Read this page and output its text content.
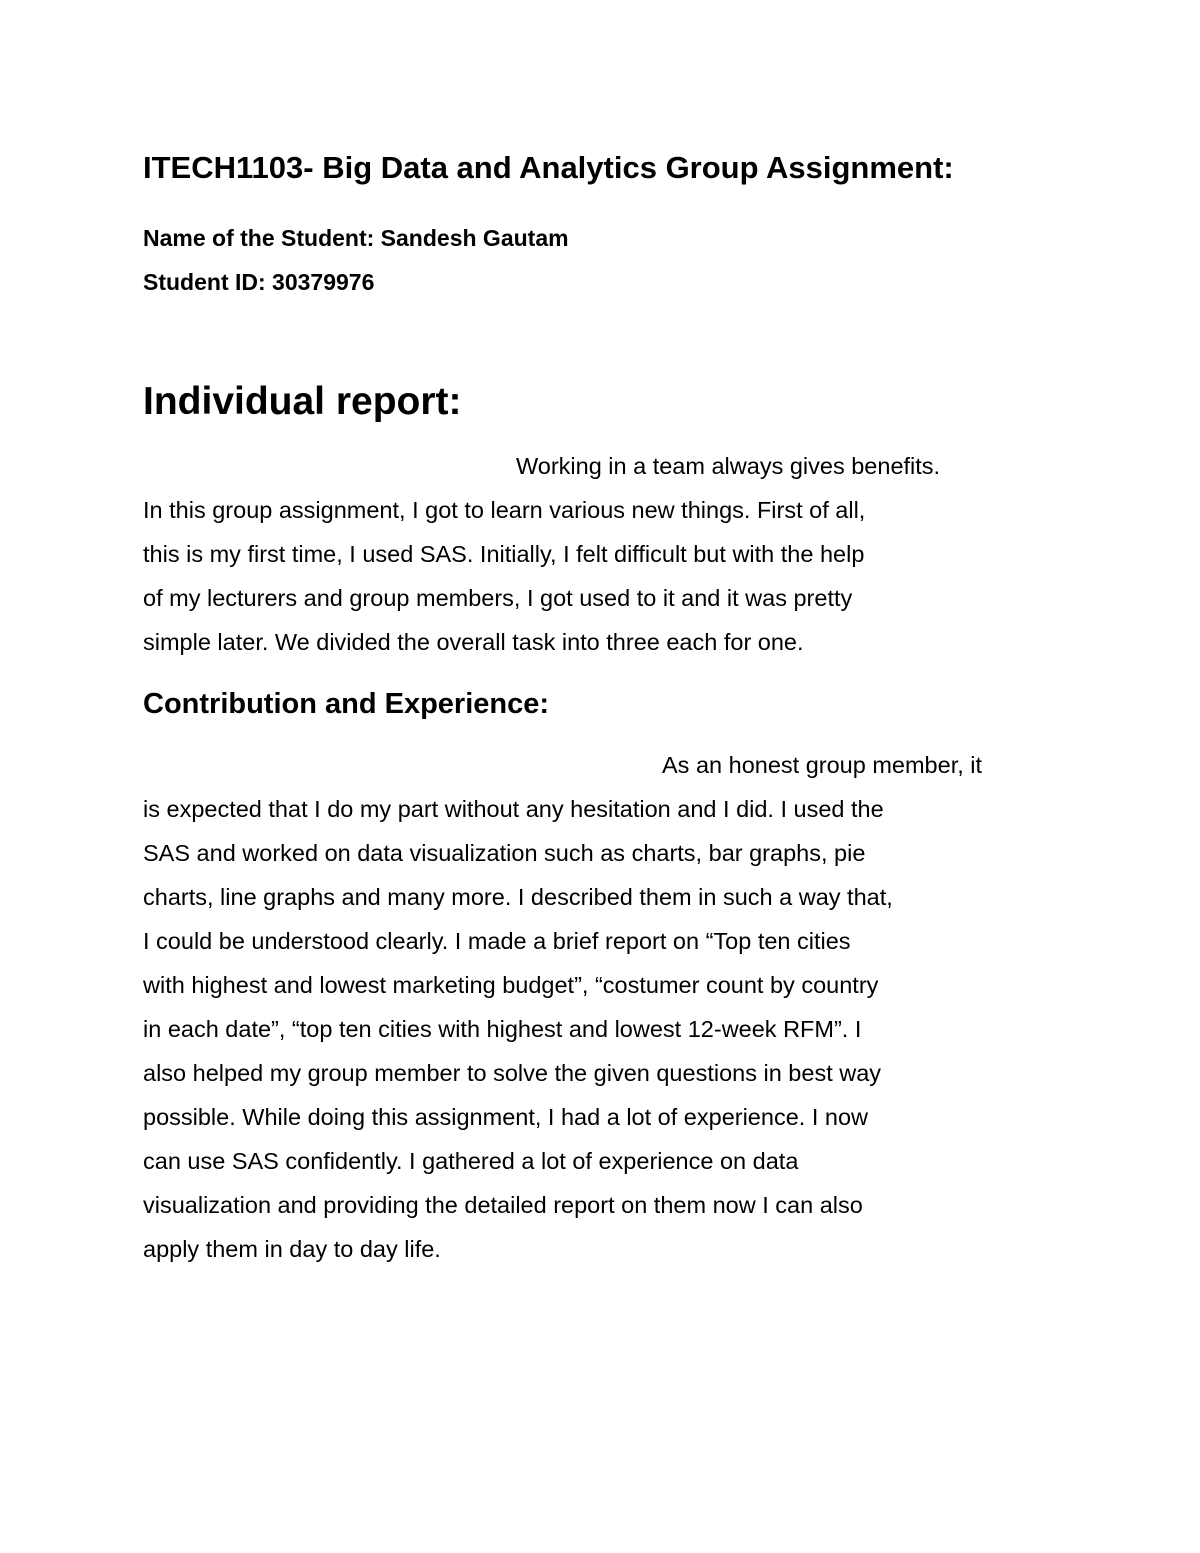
ITECH1103- Big Data and Analytics Group Assignment:

Name of the Student: Sandesh Gautam

Student ID: 30379976

Individual report:

Working in a team always gives benefits.

In this group assignment, I got to learn various new things. First of all,

this is my first time, I used SAS. Initially, I felt difficult but with the help

of my lecturers and group members, I got used to it and it was pretty

simple later. We divided the overall task into three each for one.

Contribution and Experience:

As an honest group member, it

is expected that I do my part without any hesitation and I did. I used the

SAS and worked on data visualization such as charts, bar graphs, pie

charts, line graphs and many more. I described them in such a way that,

I could be understood clearly. I made a brief report on “Top ten cities

with highest and lowest marketing budget”, “costumer count by country

in each date”, “top ten cities with highest and lowest 12-week RFM”. I

also helped my group member to solve the given questions in best way

possible. While doing this assignment, I had a lot of experience. I now

can use SAS confidently. I gathered a lot of experience on data

visualization and providing the detailed report on them now I can also

apply them in day to day life.
